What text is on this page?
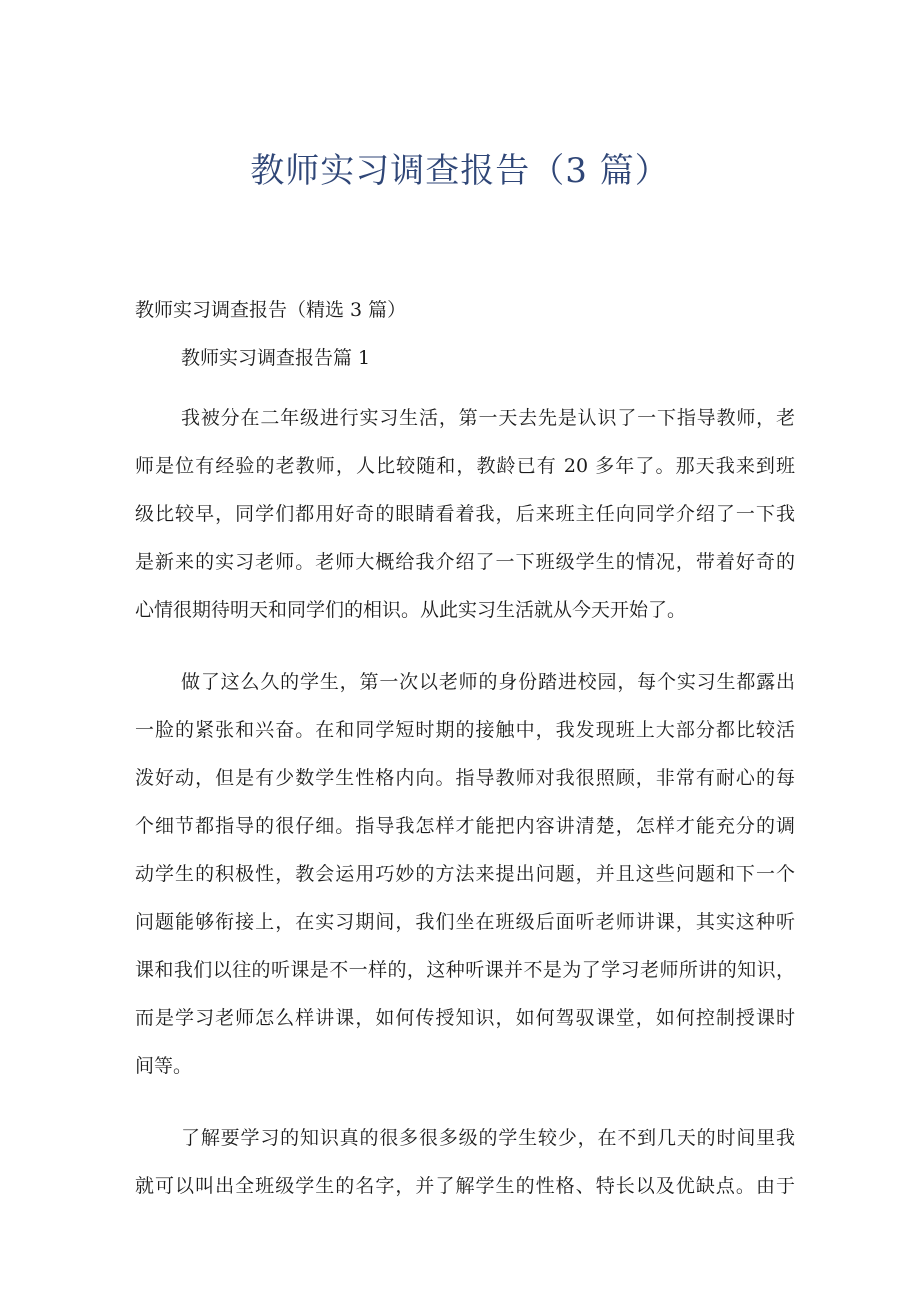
教师实习调查报告（3 篇）

教师实习调查报告（精选 3 篇）

教师实习调查报告篇 1

我被分在二年级进行实习生活，第一天去先是认识了一下指导教师，老

师是位有经验的老教师，人比较随和，教龄已有 20 多年了。那天我来到班

级比较早，同学们都用好奇的眼睛看着我，后来班主任向同学介绍了一下我

是新来的实习老师。老师大概给我介绍了一下班级学生的情况，带着好奇的

心情很期待明天和同学们的相识。从此实习生活就从今天开始了。

做了这么久的学生，第一次以老师的身份踏进校园，每个实习生都露出

一脸的紧张和兴奋。在和同学短时期的接触中，我发现班上大部分都比较活

泼好动，但是有少数学生性格内向。指导教师对我很照顾，非常有耐心的每

个细节都指导的很仔细。指导我怎样才能把内容讲清楚，怎样才能充分的调

动学生的积极性，教会运用巧妙的方法来提出问题，并且这些问题和下一个

问题能够衔接上，在实习期间，我们坐在班级后面听老师讲课，其实这种听

课和我们以往的听课是不一样的，这种听课并不是为了学习老师所讲的知识，

而是学习老师怎么样讲课，如何传授知识，如何驾驭课堂，如何控制授课时

间等。

了解要学习的知识真的很多很多级的学生较少，在不到几天的时间里我

就可以叫出全班级学生的名字，并了解学生的性格、特长以及优缺点。由于
